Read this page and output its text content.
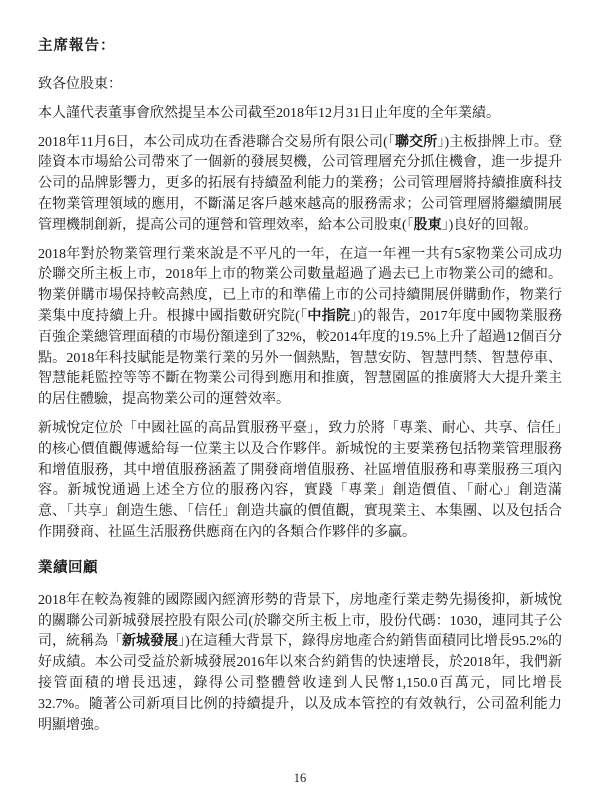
主席報告：

致各位股東：

本人謹代表董事會欣然提呈本公司截至2018年12月31日止年度的全年業績。

2018年11月6日，本公司成功在香港聯合交易所有限公司(「聯交所」)主板掛牌上市。登陸資本市場給公司帶來了一個新的發展契機，公司管理層充分抓住機會，進一步提升公司的品牌影響力，更多的拓展有持續盈利能力的業務；公司管理層將持續推廣科技在物業管理領域的應用，不斷滿足客戶越來越高的服務需求；公司管理層將繼續開展管理機制創新，提高公司的運營和管理效率，給本公司股東(「股東」)良好的回報。

2018年對於物業管理行業來說是不平凡的一年，在這一年裡一共有5家物業公司成功於聯交所主板上市，2018年上市的物業公司數量超過了過去已上市物業公司的總和。物業併購市場保持較高熱度，已上市的和準備上市的公司持續開展併購動作，物業行業集中度持續上升。根據中國指數研究院(「中指院」)的報告，2017年度中國物業服務百強企業總管理面積的市場份額達到了32%，較2014年度的19.5%上升了超過12個百分點。2018年科技賦能是物業行業的另外一個熱點，智慧安防、智慧門禁、智慧停車、智慧能耗監控等等不斷在物業公司得到應用和推廣，智慧園區的推廣將大大提升業主的居住體驗，提高物業公司的運營效率。

新城悅定位於「中國社區的高品質服務平臺」，致力於將「專業、耐心、共享、信任」的核心價值觀傳遞給每一位業主以及合作夥伴。新城悅的主要業務包括物業管理服務和增值服務，其中增值服務涵蓋了開發商增值服務、社區增值服務和專業服務三項內容。新城悅通過上述全方位的服務內容，實踐「專業」創造價值、「耐心」創造滿意、「共享」創造生態、「信任」創造共贏的價值觀，實現業主、本集團、以及包括合作開發商、社區生活服務供應商在內的各類合作夥伴的多贏。

業績回顧

2018年在較為複雜的國際國內經濟形勢的背景下，房地產行業走勢先揚後抑，新城悅的關聯公司新城發展控股有限公司(於聯交所主板上市，股份代碼：1030，連同其子公司，統稱為「新城發展」)在這種大背景下，錄得房地產合約銷售面積同比增長95.2%的好成績。本公司受益於新城發展2016年以來合約銷售的快速增長，於2018年，我們新接管面積的增長迅速，錄得公司整體營收達到人民幣1,150.0百萬元，同比增長32.7%。隨著公司新項目比例的持續提升，以及成本管控的有效執行，公司盈利能力明顯增強。

16
